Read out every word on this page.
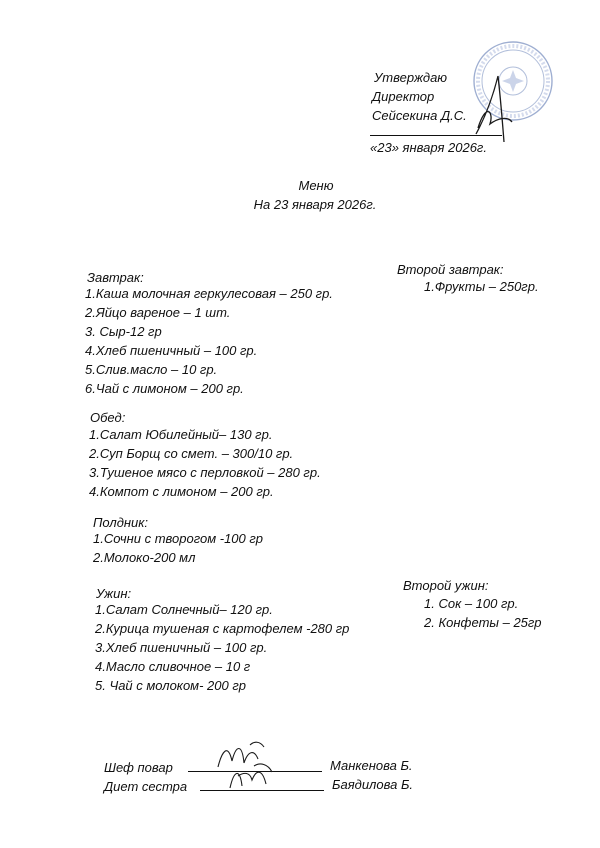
Утверждаю
Директор
Сейсекина Д.С.
«23» января 2026г.
Меню
На 23 января 2026г.
Завтрак:
1.Каша молочная геркулесовая – 250 гр.
2.Яйцо вареное – 1 шт.
3. Сыр-12 гр
4.Хлеб пшеничный – 100 гр.
5.Слив.масло – 10 гр.
6.Чай с лимоном – 200 гр.
Второй завтрак:
1.Фрукты – 250гр.
Обед:
1.Салат Юбилейный– 130 гр.
2.Суп Борщ со смет. – 300/10 гр.
3.Тушеное мясо с перловкой – 280 гр.
4.Компот с лимоном – 200 гр.
Полдник:
1.Сочни с творогом -100 гр
2.Молоко-200 мл
Ужин:
1.Салат Солнечный– 120 гр.
2.Курица тушеная с картофелем -280 гр
3.Хлеб пшеничный – 100 гр.
4.Масло сливочное – 10 г
5. Чай с молоком- 200 гр
Второй ужин:
1. Сок – 100 гр.
2. Конфеты – 25гр
Шеф повар	Манкенова Б.
Диет сестра	Баядилова Б.
